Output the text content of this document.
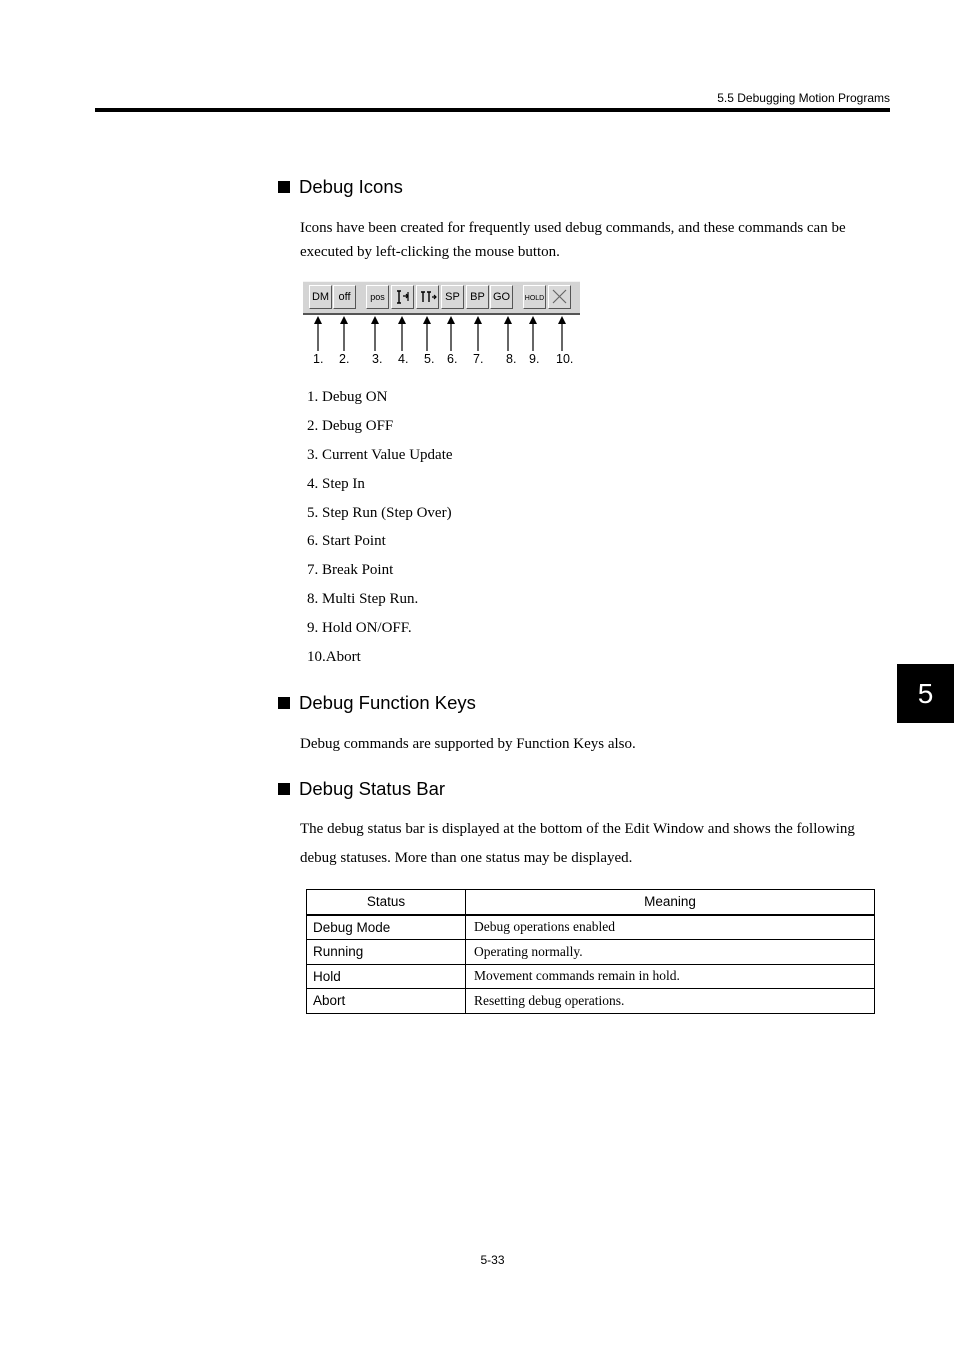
5.5 Debugging Motion Programs
Debug Icons
Icons have been created for frequently used debug commands, and these commands can be executed by left-clicking the mouse button.
DM off	pos	SP BP GO	HOLD
1. 2. 3. 4. 5. 6. 7. 8. 9. 10.
1. Debug ON
2. Debug OFF
3. Current Value Update
4. Step In
5. Step Run (Step Over)
6. Start Point
7. Break Point
8. Multi Step Run.
9. Hold ON/OFF.
10.Abort
Debug Function Keys
Debug commands are supported by Function Keys also.
5
Debug Status Bar
The debug status bar is displayed at the bottom of the Edit Window and shows the following debug statuses. More than one status may be displayed.
Status	Meaning
Debug Mode	Debug operations enabled
Running	Operating normally.
Hold	Movement commands remain in hold.
Abort	Resetting debug operations.
5-33
